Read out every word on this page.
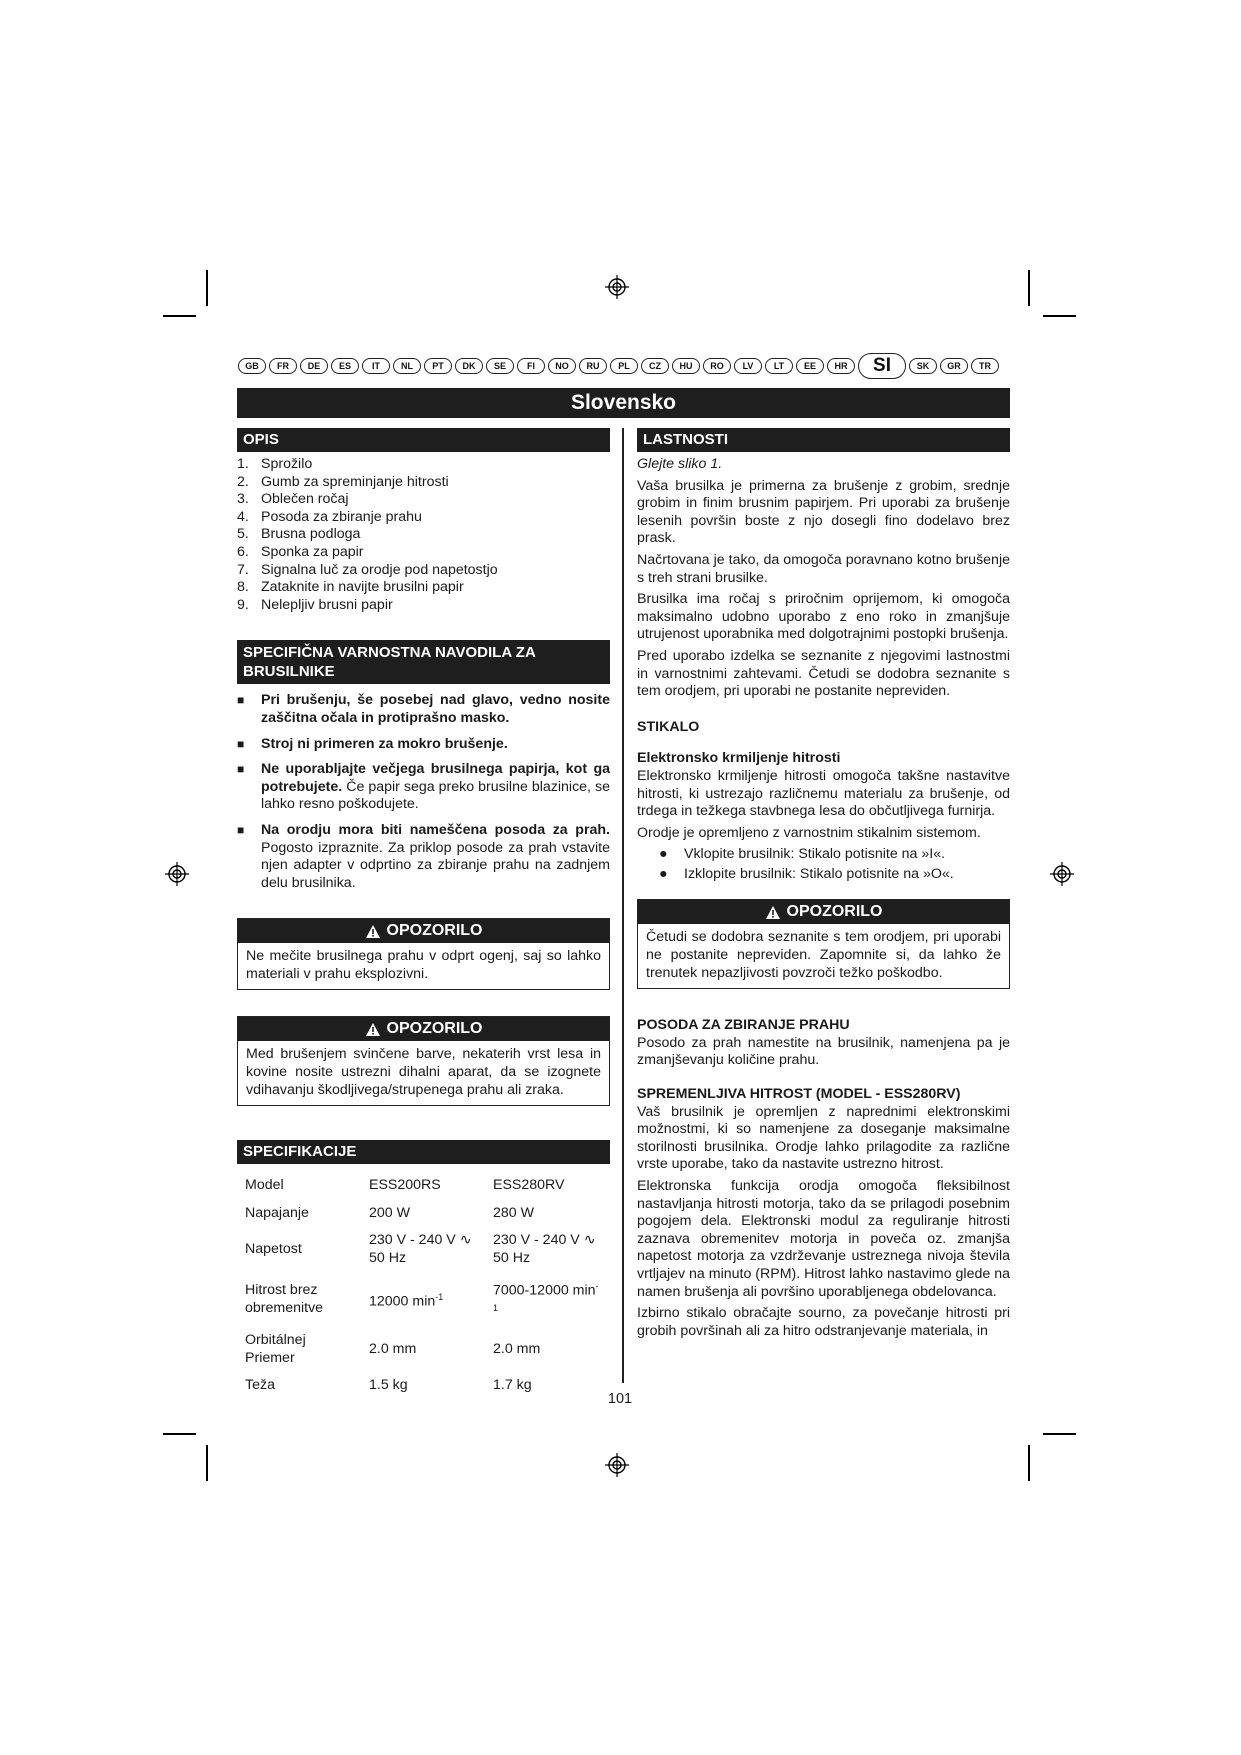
GB	FR	DE	ES	IT	NL	PT	DK	SE	FI	NO	RU	PL	CZ	HU	RO	LV	LT	EE	HR	SI	SK	GR	TR
Slovensko
OPIS
1. Sprožilo
2. Gumb za spreminjanje hitrosti
3. Oblečen ročaj
4. Posoda za zbiranje prahu
5. Brusna podloga
6. Sponka za papir
7. Signalna luč za orodje pod napetostjo
8. Zataknite in navijte brusilni papir
9. Neleplјiv brusni papir
SPECIFIČNA VARNOSTNA NAVODILA ZA BRUSILNIKE
■	Pri brušenju, še posebej nad glavo, vedno nosite zaščitna očala in protiprašno masko.
■	Stroj ni primeren za mokro brušenje.
■	Ne uporabljajte večjega brusilnega papirja, kot ga potrebujete. Če papir sega preko brusilne blazinice, se lahko resno poškodujete.
■	Na orodju mora biti nameščena posoda za prah. Pogosto izpraznite. Za priklop posode za prah vstavite njen adapter v odprtino za zbiranje prahu na zadnjem delu brusilnika.
OPOZORILO
Ne mečite brusilnega prahu v odprt ogenj, saj so lahko materiali v prahu eksplozivni.
OPOZORILO
Med brušenjem svinčene barve, nekaterih vrst lesa in kovine nosite ustrezni dihalni aparat, da se izognete vdihavanju škodljivega/strupenega prahu ali zraka.
SPECIFIKACIJE
Model	ESS200RS	ESS280RV
Napajanje	200 W	280 W
Napetost	230 V - 240 V ∿ 50 Hz	230 V - 240 V ∿ 50 Hz
Hitrost brez obremenitve	12000 $\min^{-1}$	7000-12000 $\min^{-1}$
Orbitálnej Priemer	2.0 mm	2.0 mm
Teža	1.5 kg	1.7 kg
LASTNOSTI

Glejte sliko 1.

Vaša brusilka je primerna za brušenje z grobim, srednje grobim in finim brusnim papirjem. Pri uporabi za brušenje lesenih površin boste z njo dosegli fino dodelavo brez prask.

Načrtovana je tako, da omogoča poravnano kotno brušenje s treh strani brusilke.

Brusilka ima ročaj s priročnim oprijemom, ki omogoča maksimalno udobno uporabo z eno roko in zmanjšuje utrujenost uporabnika med dolgotrajnimi postopki brušenja.

Pred uporabo izdelka se seznanite z njegovimi lastnostmi in varnostnimi zahtevami. Četudi se dodobra seznanite s tem orodjem, pri uporabi ne postanite nepreviden.

STIKALO

Elektronsko krmiljenje hitrosti

Elektronsko krmiljenje hitrosti omogoča takšne nastavitve hitrosti, ki ustrezajo različnemu materialu za brušenje, od trdega in težkega stavbnega lesa do občutljivega furnirja.

Orodje je opremljeno z varnostnim stikalnim sistemom.

●	Vklopite brusilnik: Stikalo potisnite na »I«.
●	Izklopite brusilnik: Stikalo potisnite na »O«.
OPOZORILO
Četudi se dodobra seznanite s tem orodjem, pri uporabi ne postanite nepreviden. Zapomnite si, da lahko že trenutek nepazljivosti povzroči težko poškodbo.

POSODA ZA ZBIRANJE PRAHU

Posodo za prah namestite na brusilnik, namenjena pa je zmanjševanju količine prahu.

SPREMENLJIVA HITROST (MODEL - ESS280RV)

Vaš brusilnik je opremljen z naprednimi elektronskimi možnostmi, ki so namenjene za doseganje maksimalne storilnosti brusilnika. Orodje lahko prilagodite za različne vrste uporabe, tako da nastavite ustrezno hitrost.

Elektronska funkcija orodja omogoča fleksibilnost nastavljanja hitrosti motorja, tako da se prilagodi posebnim pogojem dela. Elektronski modul za reguliranje hitrosti zaznava obremenitev motorja in poveča oz. zmanjša napetost motorja za vzdrževanje ustreznega nivoja števila vrtljajev na minuto (RPM). Hitrost lahko nastavimo glede na namen brušenja ali površino uporabljenega obdelovanca.

Izbirno stikalo obračajte sourno, za povečanje hitrosti pri grobih površinah ali za hitro odstranjevanje materiala, in

101
